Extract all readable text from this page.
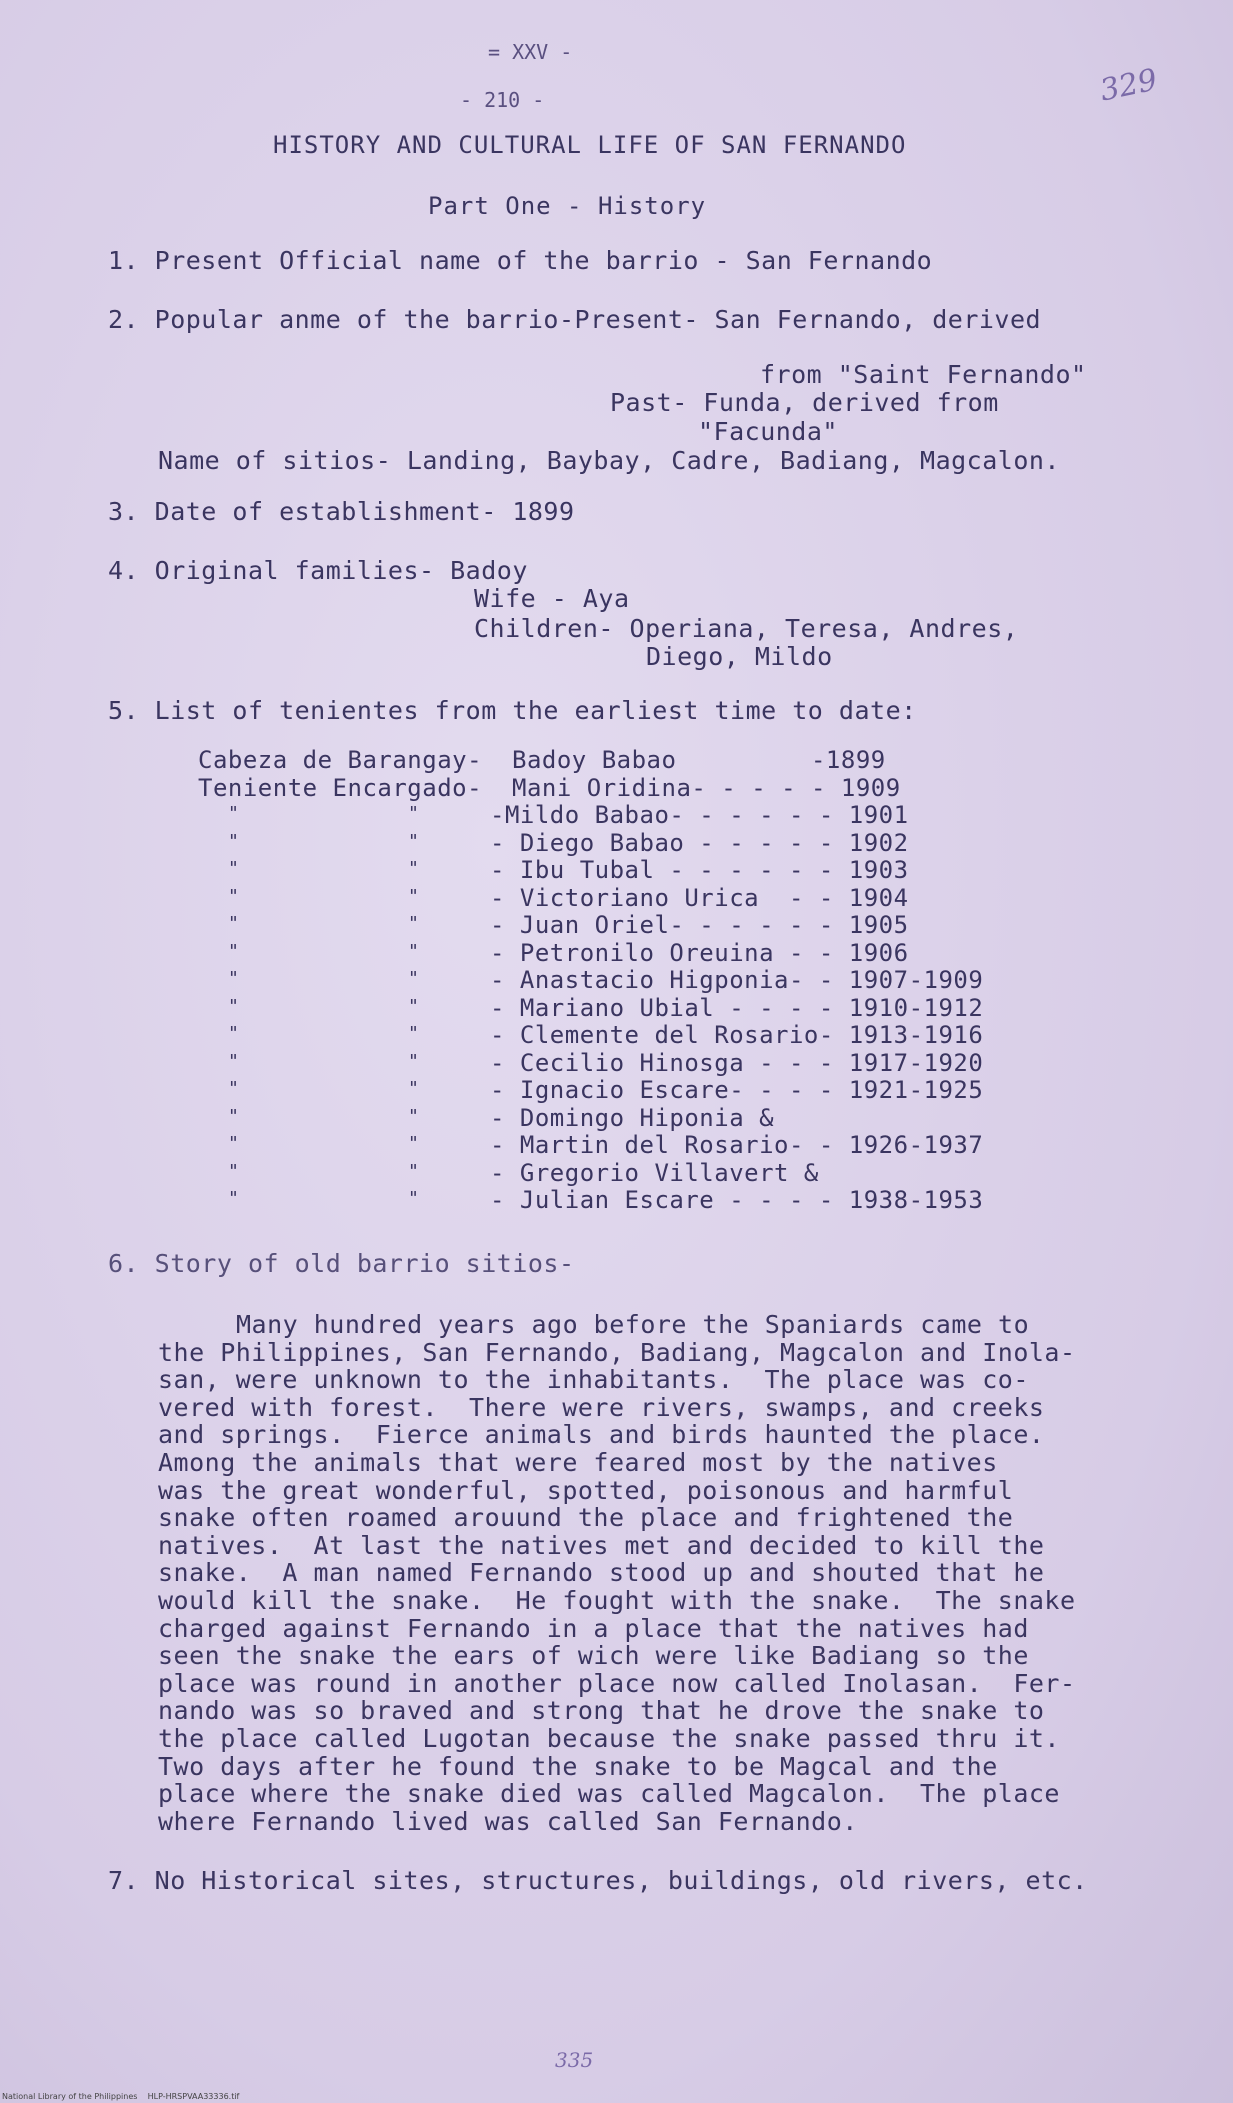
= XXV -
- 210 -	329
HISTORY AND CULTURAL LIFE OF SAN FERNANDO
Part One - History
1. Present Official name of the barrio - San Fernando
2. Popular anme of the barrio-Present- San Fernando, derived
from "Saint Fernando"
Past- Funda, derived from
"Facunda"
Name of sitios- Landing, Baybay, Cadre, Badiang, Magcalon.
3. Date of establishment- 1899
4. Original families- Badoy
Wife - Aya
Children- Operiana, Teresa, Andres,
Diego, Mildo
5. List of tenientes from the earliest time to date:
Cabeza de Barangay- Badoy Babao         -1899
Teniente Encargado- Mani Oridina- - - - - 1909
"	"	-Mildo Babao- - - - - - 1901
"	"	- Diego Babao - - - - - 1902
"	"	- Ibu Tubal - - - - - - 1903
"	"	- Victoriano Urica  - - 1904
"	"	- Juan Oriel- - - - - - 1905
"	"	- Petronilo Oreuina - - 1906
"	"	- Anastacio Higponia- - 1907-1909
"	"	- Mariano Ubial - - - - 1910-1912
"	"	- Clemente del Rosario- 1913-1916
"	"	- Cecilio Hinosga - - - 1917-1920
"	"	- Ignacio Escare- - - - 1921-1925
"	"	- Domingo Hiponia &
"	"	- Martin del Rosario- - 1926-1937
"	"	- Gregorio Villavert &
"	"	- Julian Escare - - - - 1938-1953
6. Story of old barrio sitios-
Many hundred years ago before the Spaniards came to
the Philippines, San Fernando, Badiang, Magcalon and Inola-
san, were unknown to the inhabitants.  The place was co-
vered with forest.  There were rivers, swamps, and creeks
and springs.  Fierce animals and birds haunted the place.
Among the animals that were feared most by the natives
was the great wonderful, spotted, poisonous and harmful
snake often roamed arouund the place and frightened the
natives.  At last the natives met and decided to kill the
snake.  A man named Fernando stood up and shouted that he
would kill the snake.  He fought with the snake.  The snake
charged against Fernando in a place that the natives had
seen the snake the ears of wich were like Badiang so the
place was round in another place now called Inolasan.  Fer-
nando was so braved and strong that he drove the snake to
the place called Lugotan because the snake passed thru it.
Two days after he found the snake to be Magcal and the
place where the snake died was called Magcalon.  The place
where Fernando lived was called San Fernando.
7. No Historical sites, structures, buildings, old rivers, etc.
335
National Library of the Philippines    HLP-HRSPVAA33336.tif
